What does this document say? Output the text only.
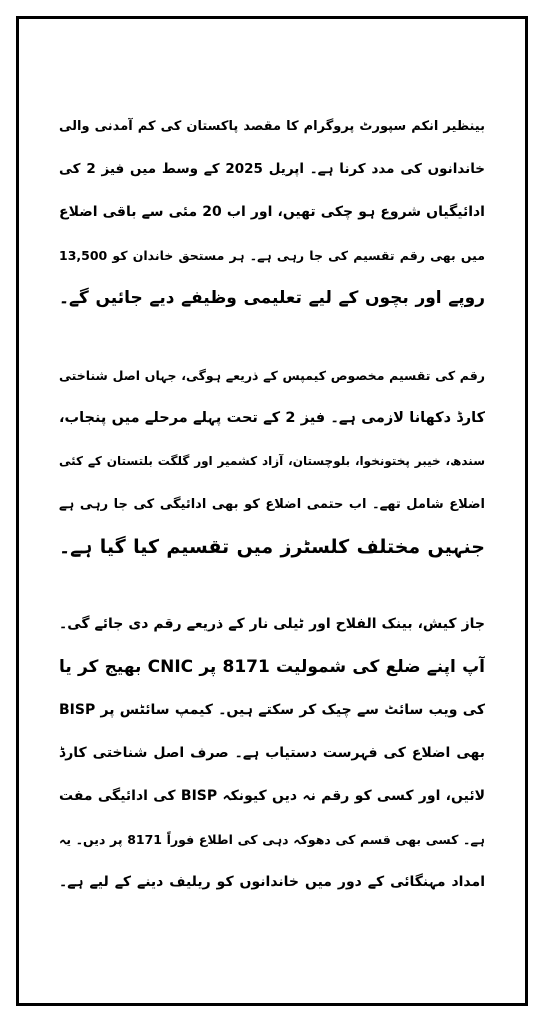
بینظیر انکم سپورٹ پروگرام کا مقصد پاکستان کی کم آمدنی والی
خاندانوں کی مدد کرنا ہے۔ اپریل 2025 کے وسط میں فیز 2 کی
ادائیگیاں شروع ہو چکی تھیں، اور اب 20 مئی سے باقی اضلاع
میں بھی رقم تقسیم کی جا رہی ہے۔ ہر مستحق خاندان کو 13,500
روپے اور بچوں کے لیے تعلیمی وظیفے دیے جائیں گے۔
رقم کی تقسیم مخصوص کیمپس کے ذریعے ہوگی، جہاں اصل شناختی
کارڈ دکھانا لازمی ہے۔ فیز 2 کے تحت پہلے مرحلے میں پنجاب،
سندھ، خیبر پختونخوا، بلوچستان، آزاد کشمیر اور گلگت بلتستان کے کئی
اضلاع شامل تھے۔ اب حتمی اضلاع کو بھی ادائیگی کی جا رہی ہے
جنہیں مختلف کلسٹرز میں تقسیم کیا گیا ہے۔
جاز کیش، بینک الفلاح اور ٹیلی نار کے ذریعے رقم دی جائے گی۔
آپ اپنے ضلع کی شمولیت 8171 پر CNIC بھیج کر یا
کی ویب سائٹ سے چیک کر سکتے ہیں۔ کیمپ سائٹس پر BISP
بھی اضلاع کی فہرست دستیاب ہے۔ صرف اصل شناختی کارڈ
لائیں، اور کسی کو رقم نہ دیں کیونکہ BISP کی ادائیگی مفت
ہے۔ کسی بھی قسم کی دھوکہ دہی کی اطلاع فوراً 8171 پر دیں۔ یہ
امداد مہنگائی کے دور میں خاندانوں کو ریلیف دینے کے لیے ہے۔
